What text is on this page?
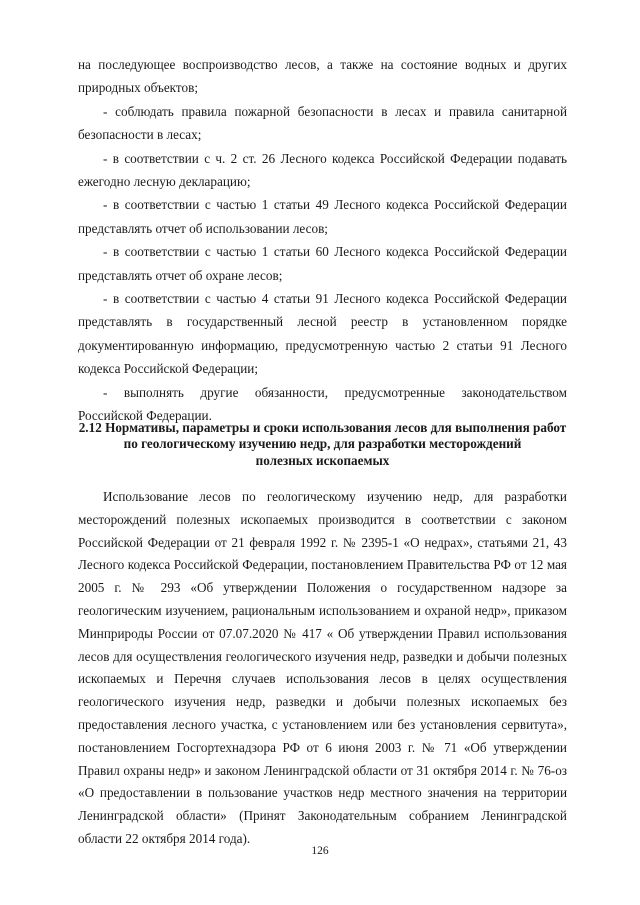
на последующее воспроизводство лесов, а также на состояние водных и других природных объектов;

- соблюдать правила пожарной безопасности в лесах и правила санитарной безопасности в лесах;

- в соответствии с ч. 2 ст. 26 Лесного кодекса Российской Федерации подавать ежегодно лесную декларацию;

- в соответствии с частью 1 статьи 49 Лесного кодекса Российской Федерации представлять отчет об использовании лесов;

- в соответствии с частью 1 статьи 60 Лесного кодекса Российской Федерации представлять отчет об охране лесов;

- в соответствии с частью 4 статьи 91 Лесного кодекса Российской Федерации представлять в государственный лесной реестр в установленном порядке документированную информацию, предусмотренную частью 2 статьи 91 Лесного кодекса Российской Федерации;

- выполнять другие обязанности, предусмотренные законодательством Российской Федерации.

2.12 Нормативы, параметры и сроки использования лесов для выполнения работ
по геологическому изучению недр, для разработки месторождений
полезных ископаемых

Использование лесов по геологическому изучению недр, для разработки месторождений полезных ископаемых производится в соответствии с законом Российской Федерации от 21 февраля 1992 г. № 2395-1 «О недрах», статьями 21, 43 Лесного кодекса Российской Федерации, постановлением Правительства РФ от 12 мая 2005 г. № 293 «Об утверждении Положения о государственном надзоре за геологическим изучением, рациональным использованием и охраной недр», приказом Минприроды России от 07.07.2020 № 417 « Об утверждении Правил использования лесов для осуществления геологического изучения недр, разведки и добычи полезных ископаемых и Перечня случаев использования лесов в целях осуществления геологического изучения недр, разведки и добычи полезных ископаемых без предоставления лесного участка, с установлением или без установления сервитута», постановлением Госгортехнадзора РФ от 6 июня 2003 г. № 71 «Об утверждении Правил охраны недр» и законом Ленинградской области от 31 октября 2014 г. № 76-оз «О предоставлении в пользование участков недр местного значения на территории Ленинградской области» (Принят Законодательным собранием Ленинградской области 22 октября 2014 года).

126
